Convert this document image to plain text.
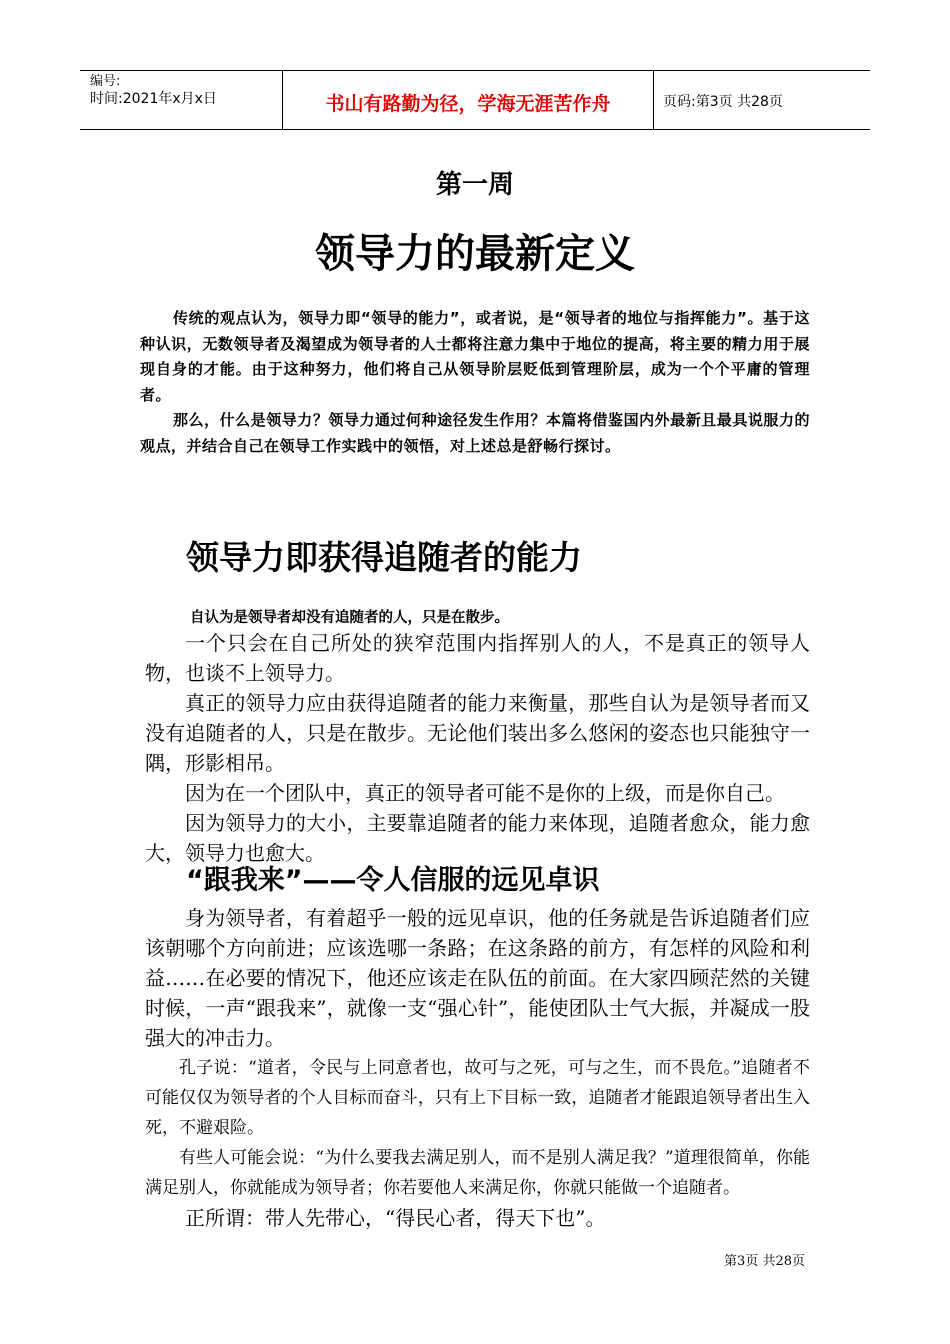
编号:
时间:2021年x月x日	书山有路勤为径，学海无涯苦作舟	页码:第3页 共28页
第一周
领导力的最新定义

传统的观点认为，领导力即“领导的能力”，或者说，是“领导者的地位与指挥能力”。基于这种认识，无数领导者及渴望成为领导者的人士都将注意力集中于地位的提高，将主要的精力用于展现自身的才能。由于这种努力，他们将自己从领导阶层贬低到管理阶层，成为一个个平庸的管理者。

那么，什么是领导力？领导力通过何种途径发生作用？本篇将借鉴国内外最新且最具说服力的观点，并结合自己在领导工作实践中的领悟，对上述总是舒畅行探讨。

领导力即获得追随者的能力
自认为是领导者却没有追随者的人，只是在散步。

一个只会在自己所处的狭窄范围内指挥别人的人，不是真正的领导人物，也谈不上领导力。

真正的领导力应由获得追随者的能力来衡量，那些自认为是领导者而又没有追随者的人，只是在散步。无论他们装出多么悠闲的姿态也只能独守一隅，形影相吊。

因为在一个团队中，真正的领导者可能不是你的上级，而是你自己。

因为领导力的大小，主要靠追随者的能力来体现，追随者愈众，能力愈大，领导力也愈大。

“跟我来”——令人信服的远见卓识

身为领导者，有着超乎一般的远见卓识，他的任务就是告诉追随者们应该朝哪个方向前进；应该选哪一条路；在这条路的前方，有怎样的风险和利益……在必要的情况下，他还应该走在队伍的前面。在大家四顾茫然的关键时候，一声“跟我来”，就像一支“强心针”，能使团队士气大振，并凝成一股强大的冲击力。

孔子说：“道者，令民与上同意者也，故可与之死，可与之生，而不畏危。”追随者不可能仅仅为领导者的个人目标而奋斗，只有上下目标一致，追随者才能跟追领导者出生入死，不避艰险。

有些人可能会说：“为什么要我去满足别人，而不是别人满足我？”道理很简单，你能满足别人，你就能成为领导者；你若要他人来满足你，你就只能做一个追随者。

正所谓：带人先带心，“得民心者，得天下也”。

第3页 共28页
